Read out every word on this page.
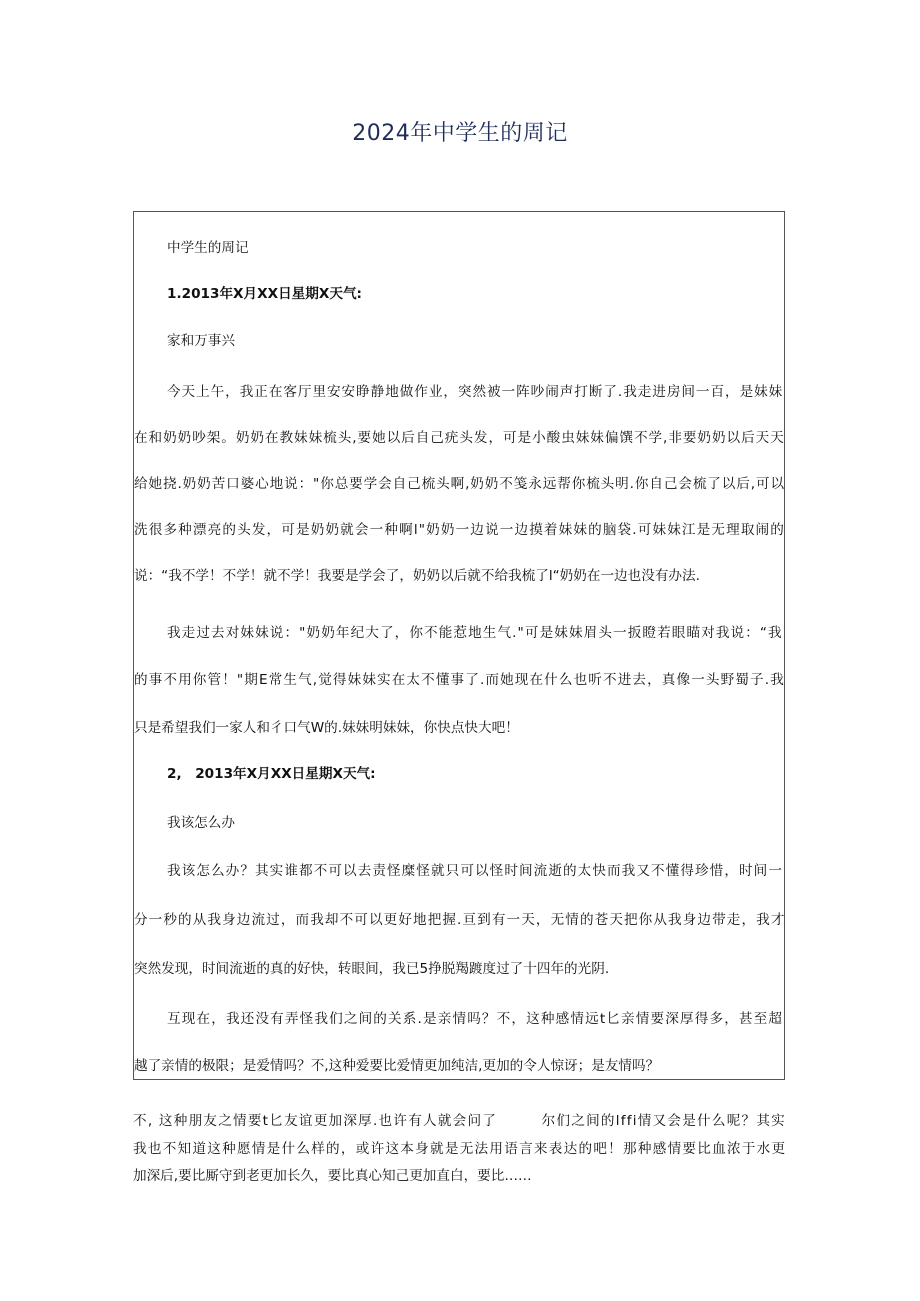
2024年中学生的周记
中学生的周记
1.2013年X月XX日星期X天气:
家和万事兴
今天上午，我正在客厅里安安睁静地做作业，突然被一阵吵闹声打断了.我走进房间一百，是妹妹
在和奶奶吵架。奶奶在教妹妹梳头,要她以后自己疣头发，可是小酸虫妹妹偏馔不学,非要奶奶以后天天
给她挠.奶奶苦口婆心地说："你总要学会自己梳头啊,奶奶不笺永远帮你梳头明.你自己会梳了以后,可以
洗很多种漂亮的头发，可是奶奶就会一种啊l"奶奶一边说一边摸着妹妹的脑袋.可妹妹江是无理取闹的
说：“我不学！不学！就不学！我要是学会了，奶奶以后就不给我梳了l“奶奶在一边也没有办法.
我走过去对妹妹说："奶奶年纪大了，你不能惹地生气."可是妹妹眉头一扳瞪若眼瞄对我说：“我
的事不用你管！"期E常生气,觉得妹妹实在太不懂事了.而她现在什么也听不进去，真像一头野蜀子.我
只是希望我们一家人和彳口气W的.妹妹明妹妹，你快点快大吧！
2,　2013年X月XX日星期X天气:
我该怎么办
我该怎么办？其实谁都不可以去责怪糜怪就只可以怪时间流逝的太快而我又不懂得珍惜，时间一
分一秒的从我身边流过，而我却不可以更好地把握.亘到有一天，无情的苍天把你从我身边带走，我才
突然发现，时间流逝的真的好快，转眼间，我已5挣脱羯踱度过了十四年的光阴.
互现在，我还没有弄怪我们之间的关系.是亲情吗？不，这种感情远t匕亲情要深厚得多，甚至超
越了亲情的极限；是爱情吗？不,这种爱要比爱情更加纯洁,更加的令人惊讶；是友情吗？
不, 这种朋友之情要t匕友谊更加深厚.也许有人就会问了　　　尔们之间的lffi情又会是什么呢？其实
我也不知道这种愿情是什么样的，或许这本身就是无法用语言来表达的吧！那种感情要比血浓于水更
加深后,要比厮守到老更加长久，要比真心知己更加直白，要比……
